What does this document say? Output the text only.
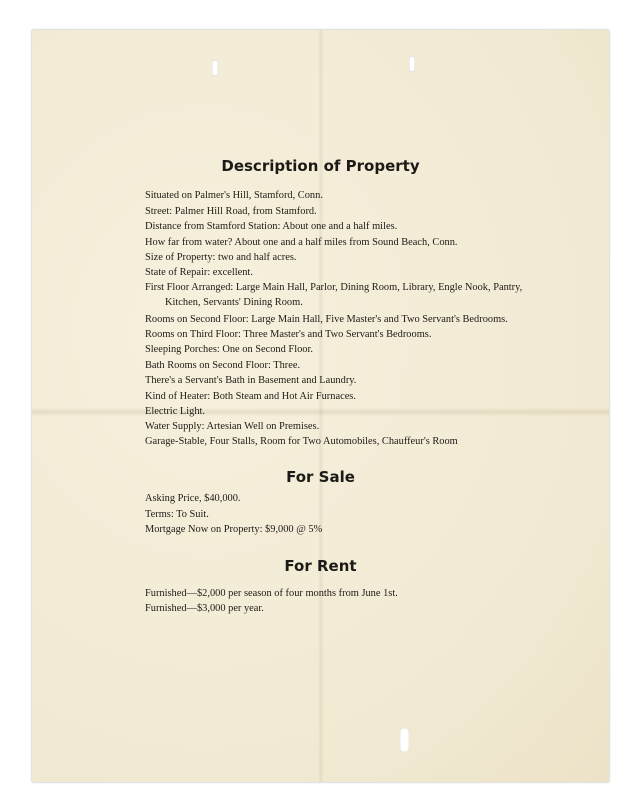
Description of Property

Situated on Palmer's Hill, Stamford, Conn.

Street: Palmer Hill Road, from Stamford.

Distance from Stamford Station: About one and a half miles.

How far from water? About one and a half miles from Sound Beach, Conn.

Size of Property: two and half acres.

State of Repair: excellent.

First Floor Arranged: Large Main Hall, Parlor, Dining Room, Library, Engle Nook, Pantry,

Kitchen, Servants' Dining Room.

Rooms on Second Floor: Large Main Hall, Five Master's and Two Servant's Bedrooms.

Rooms on Third Floor: Three Master's and Two Servant's Bedrooms.

Sleeping Porches: One on Second Floor.

Bath Rooms on Second Floor: Three.

There's a Servant's Bath in Basement and Laundry.

Kind of Heater: Both Steam and Hot Air Furnaces.

Electric Light.

Water Supply: Artesian Well on Premises.

Garage-Stable, Four Stalls, Room for Two Automobiles, Chauffeur's Room

For Sale

Asking Price, $40,000.

Terms: To Suit.

Mortgage Now on Property: $9,000 @ 5%

For Rent

Furnished—$2,000 per season of four months from June 1st.

Furnished—$3,000 per year.
